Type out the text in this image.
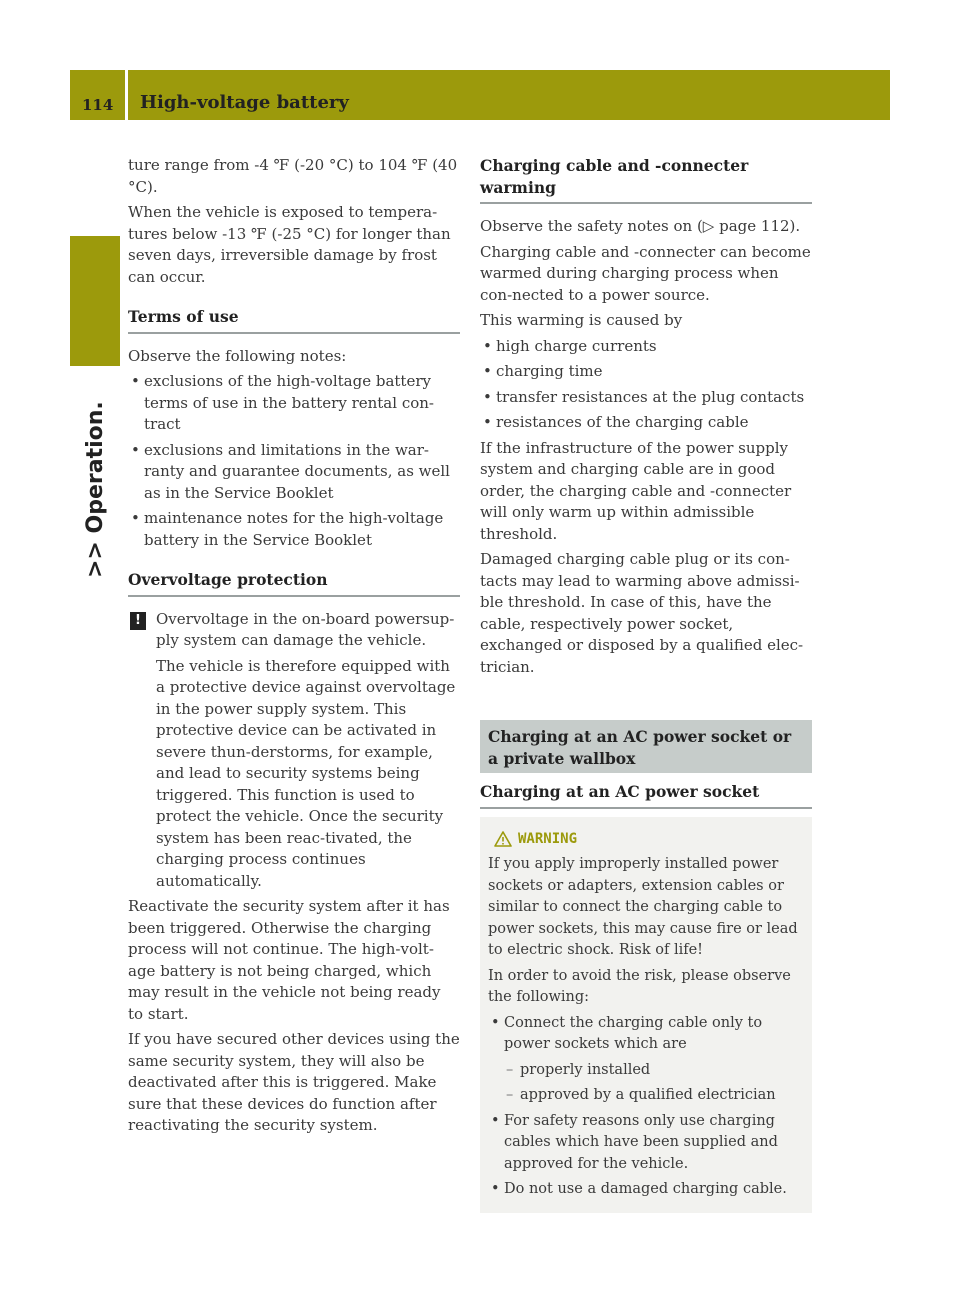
114 High-voltage battery
>> Operation.

ture range from -4 ℉ (-20 °C) to 104 ℉ (40 °C).

When the vehicle is exposed to tempera-tures below -13 ℉ (-25 °C) for longer than seven days, irreversible damage by frost can occur.

Terms of use

Observe the following notes:

• exclusions of the high-voltage battery terms of use in the battery rental con-tract
• exclusions and limitations in the war-ranty and guarantee documents, as well as in the Service Booklet
• maintenance notes for the high-voltage battery in the Service Booklet
Overvoltage protection
!	Overvoltage in the on-board powersup-ply system can damage the vehicle.

The vehicle is therefore equipped with a protective device against overvoltage in the power supply system. This protective device can be activated in severe thun-derstorms, for example, and lead to security systems being triggered. This function is used to protect the vehicle. Once the security system has been reac-tivated, the charging process continues automatically.

Reactivate the security system after it has been triggered. Otherwise the charging process will not continue. The high-volt-age battery is not being charged, which may result in the vehicle not being ready to start.

If you have secured other devices using the same security system, they will also be deactivated after this is triggered. Make sure that these devices do function after reactivating the security system.

Charging cable and -connecter warming

Observe the safety notes on (▷ page 112).

Charging cable and -connecter can become warmed during charging process when con-nected to a power source.

This warming is caused by

• high charge currents
• charging time
• transfer resistances at the plug contacts
• resistances of the charging cable

If the infrastructure of the power supply system and charging cable are in good order, the charging cable and -connecter will only warm up within admissible threshold.

Damaged charging cable plug or its con-tacts may lead to warming above admissi-ble threshold. In case of this, have the cable, respectively power socket, exchanged or disposed by a qualified elec-trician.

Charging at an AC power socket or a private wallbox
Charging at an AC power socket
WARNING

If you apply improperly installed power sockets or adapters, extension cables or similar to connect the charging cable to power sockets, this may cause fire or lead to electric shock. Risk of life!

In order to avoid the risk, please observe the following:

• Connect the charging cable only to power sockets which are
– properly installed
– approved by a qualified electrician
• For safety reasons only use charging cables which have been supplied and approved for the vehicle.
• Do not use a damaged charging cable.
